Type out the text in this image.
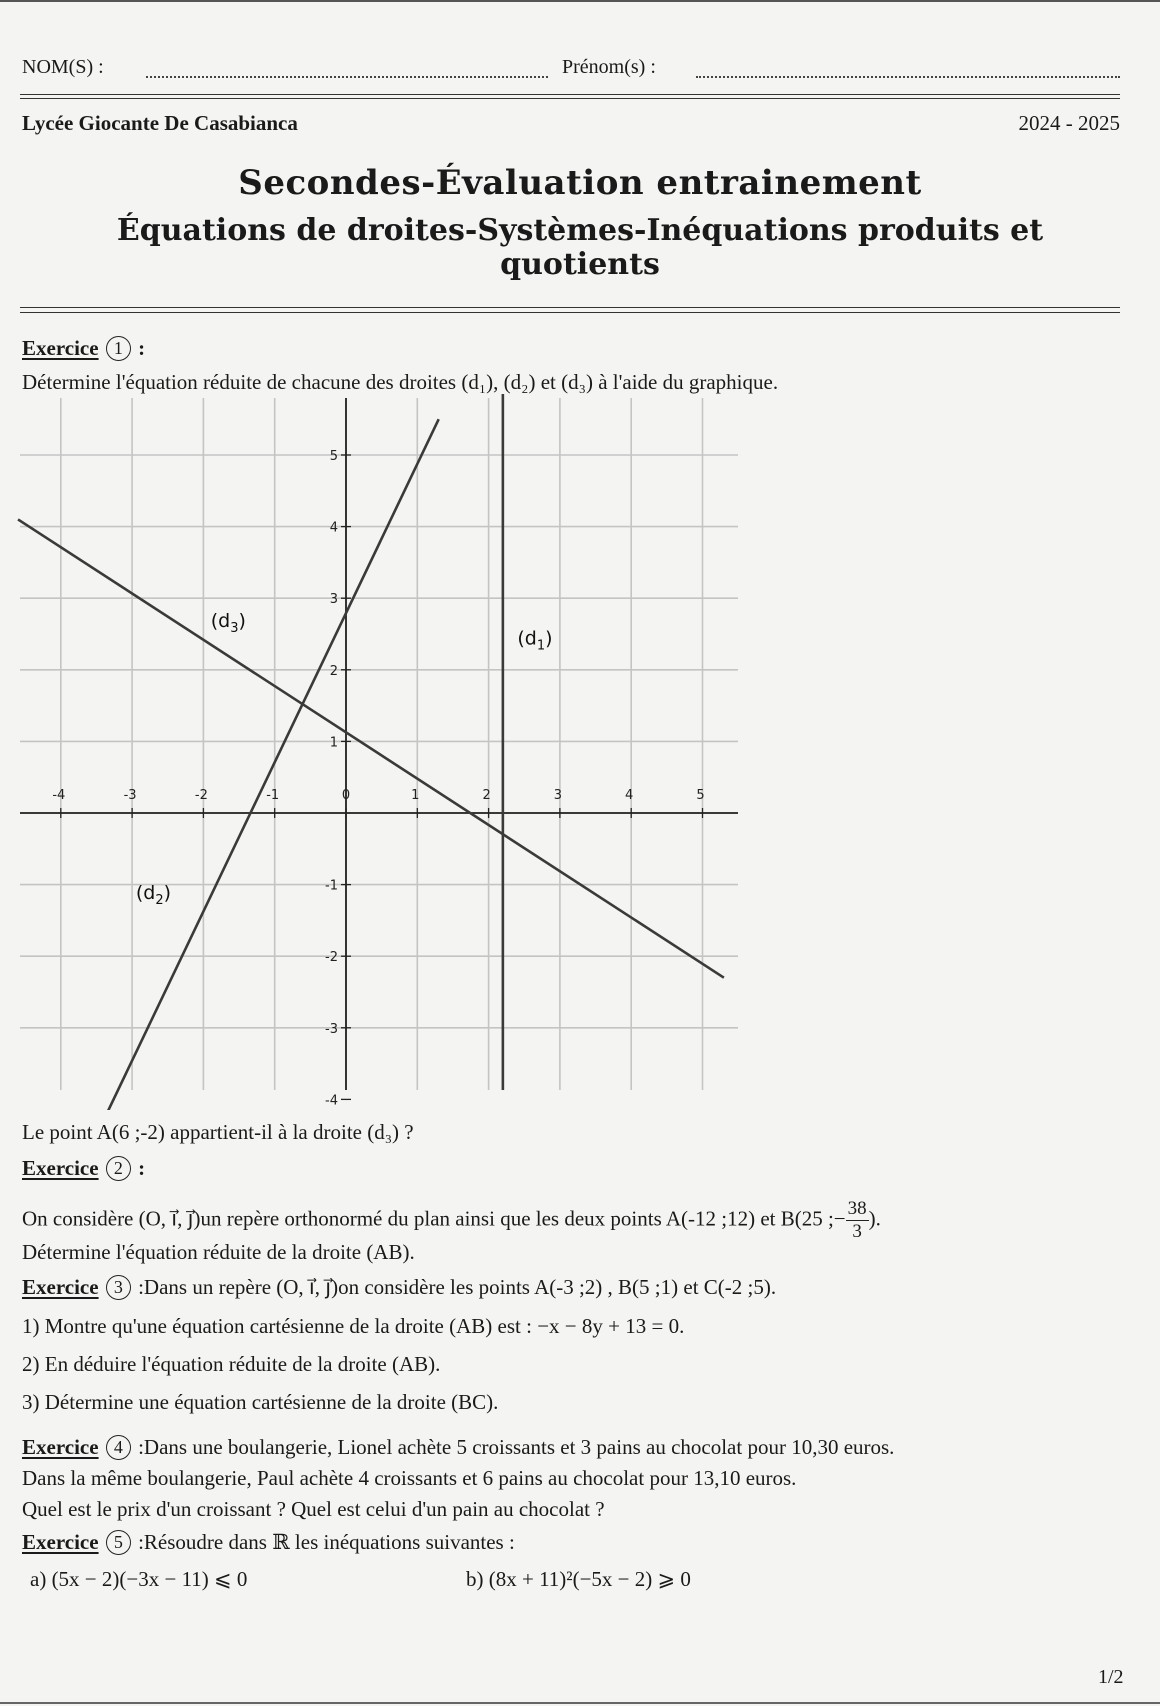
NOM(S) :	Prénom(s) :
Lycée Giocante De Casabianca	2024 - 2025
Secondes-Évaluation entrainement
Équations de droites-Systèmes-Inéquations produits et
quotients
Exercice 1 :
Détermine l'équation réduite de chacune des droites (d₁), (d₂) et (d₃) à l'aide du graphique.
-4	-3	-2	-1	0	1	2	3	4	5
5
4
3
2
1
-1
-2
-3
-4
$(d_3)$
$(d_1)$
$(d_2)$
Le point A(6 ;-2) appartient-il à la droite (d₃) ?
Exercice 2 :
On considère (O, i⃗, j⃗)un repère orthonormé du plan ainsi que les deux points A(-12 ;12) et B(25 ;− $\frac{38}{3}$ ).
Détermine l'équation réduite de la droite (AB).
Exercice 3 :Dans un repère (O, i⃗, j⃗)on considère les points A(-3 ;2) , B(5 ;1) et C(-2 ;5).
1) Montre qu'une équation cartésienne de la droite (AB) est : −x − 8y + 13 = 0.
2) En déduire l'équation réduite de la droite (AB).
3) Détermine une équation cartésienne de la droite (BC).
Exercice 4 :Dans une boulangerie, Lionel achète 5 croissants et 3 pains au chocolat pour 10,30 euros.
Dans la même boulangerie, Paul achète 4 croissants et 6 pains au chocolat pour 13,10 euros.
Quel est le prix d'un croissant ? Quel est celui d'un pain au chocolat ?
Exercice 5 :Résoudre dans ℝ les inéquations suivantes :
a) (5x − 2)(−3x − 11) ⩽ 0	b) (8x + 11)²(−5x − 2) ⩾ 0
1/2
